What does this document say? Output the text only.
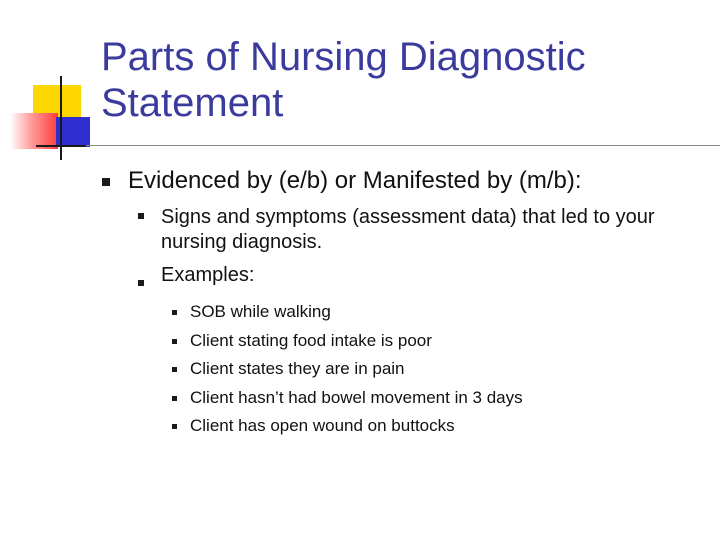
Parts of Nursing Diagnostic Statement
Evidenced by (e/b) or Manifested by (m/b):
Signs and symptoms (assessment data) that led to your nursing diagnosis.
Examples:
SOB while walking
Client stating food intake is poor
Client states they are in pain
Client hasn’t had bowel movement in 3 days
Client has open wound on buttocks
